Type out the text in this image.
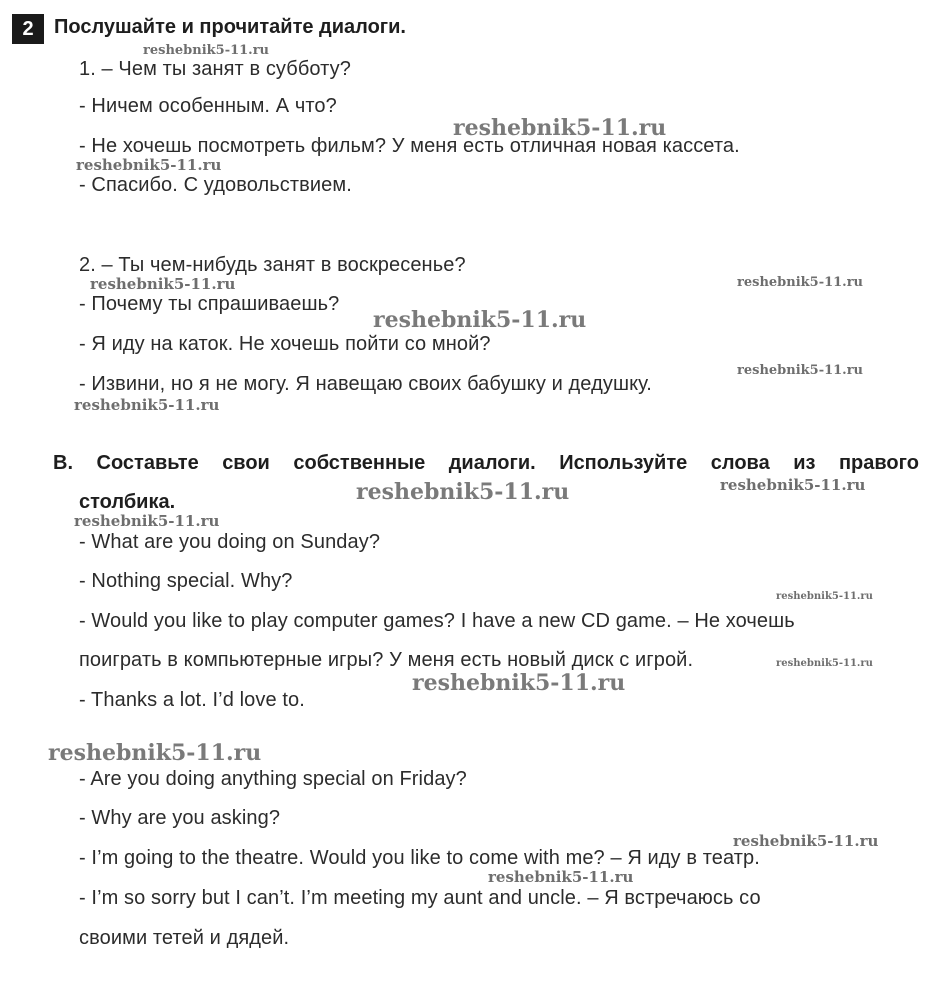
2	Послушайте и прочитайте диалоги.
1. – Чем ты занят в субботу?
- Ничем особенным. А что?
- Не хочешь посмотреть фильм? У меня есть отличная новая кассета.
- Спасибо. С удовольствием.
2. – Ты чем-нибудь занят в воскресенье?
- Почему ты спрашиваешь?
- Я иду на каток. Не хочешь пойти со мной?
- Извини, но я не могу. Я навещаю своих бабушку и дедушку.
В. Составьте свои собственные диалоги. Используйте слова из правого
столбика.
- What are you doing on Sunday?
- Nothing special. Why?
- Would you like to play computer games? I have a new CD game. – Не хочешь
поиграть в компьютерные игры? У меня есть новый диск с игрой.
- Thanks a lot. I’d love to.
- Are you doing anything special on Friday?
- Why are you asking?
- I’m going to the theatre. Would you like to come with me? – Я иду в театр.
- I’m so sorry but I can’t. I’m meeting my aunt and uncle. – Я встречаюсь со
своими тетей и дядей.
reshebnik5-11.ru
reshebnik5-11.ru
reshebnik5-11.ru
reshebnik5-11.ru	reshebnik5-11.ru
reshebnik5-11.ru
reshebnik5-11.ru
reshebnik5-11.ru
reshebnik5-11.ru	reshebnik5-11.ru
reshebnik5-11.ru
reshebnik5-11.ru
reshebnik5-11.ru
reshebnik5-11.ru
reshebnik5-11.ru
reshebnik5-11.ru
reshebnik5-11.ru
